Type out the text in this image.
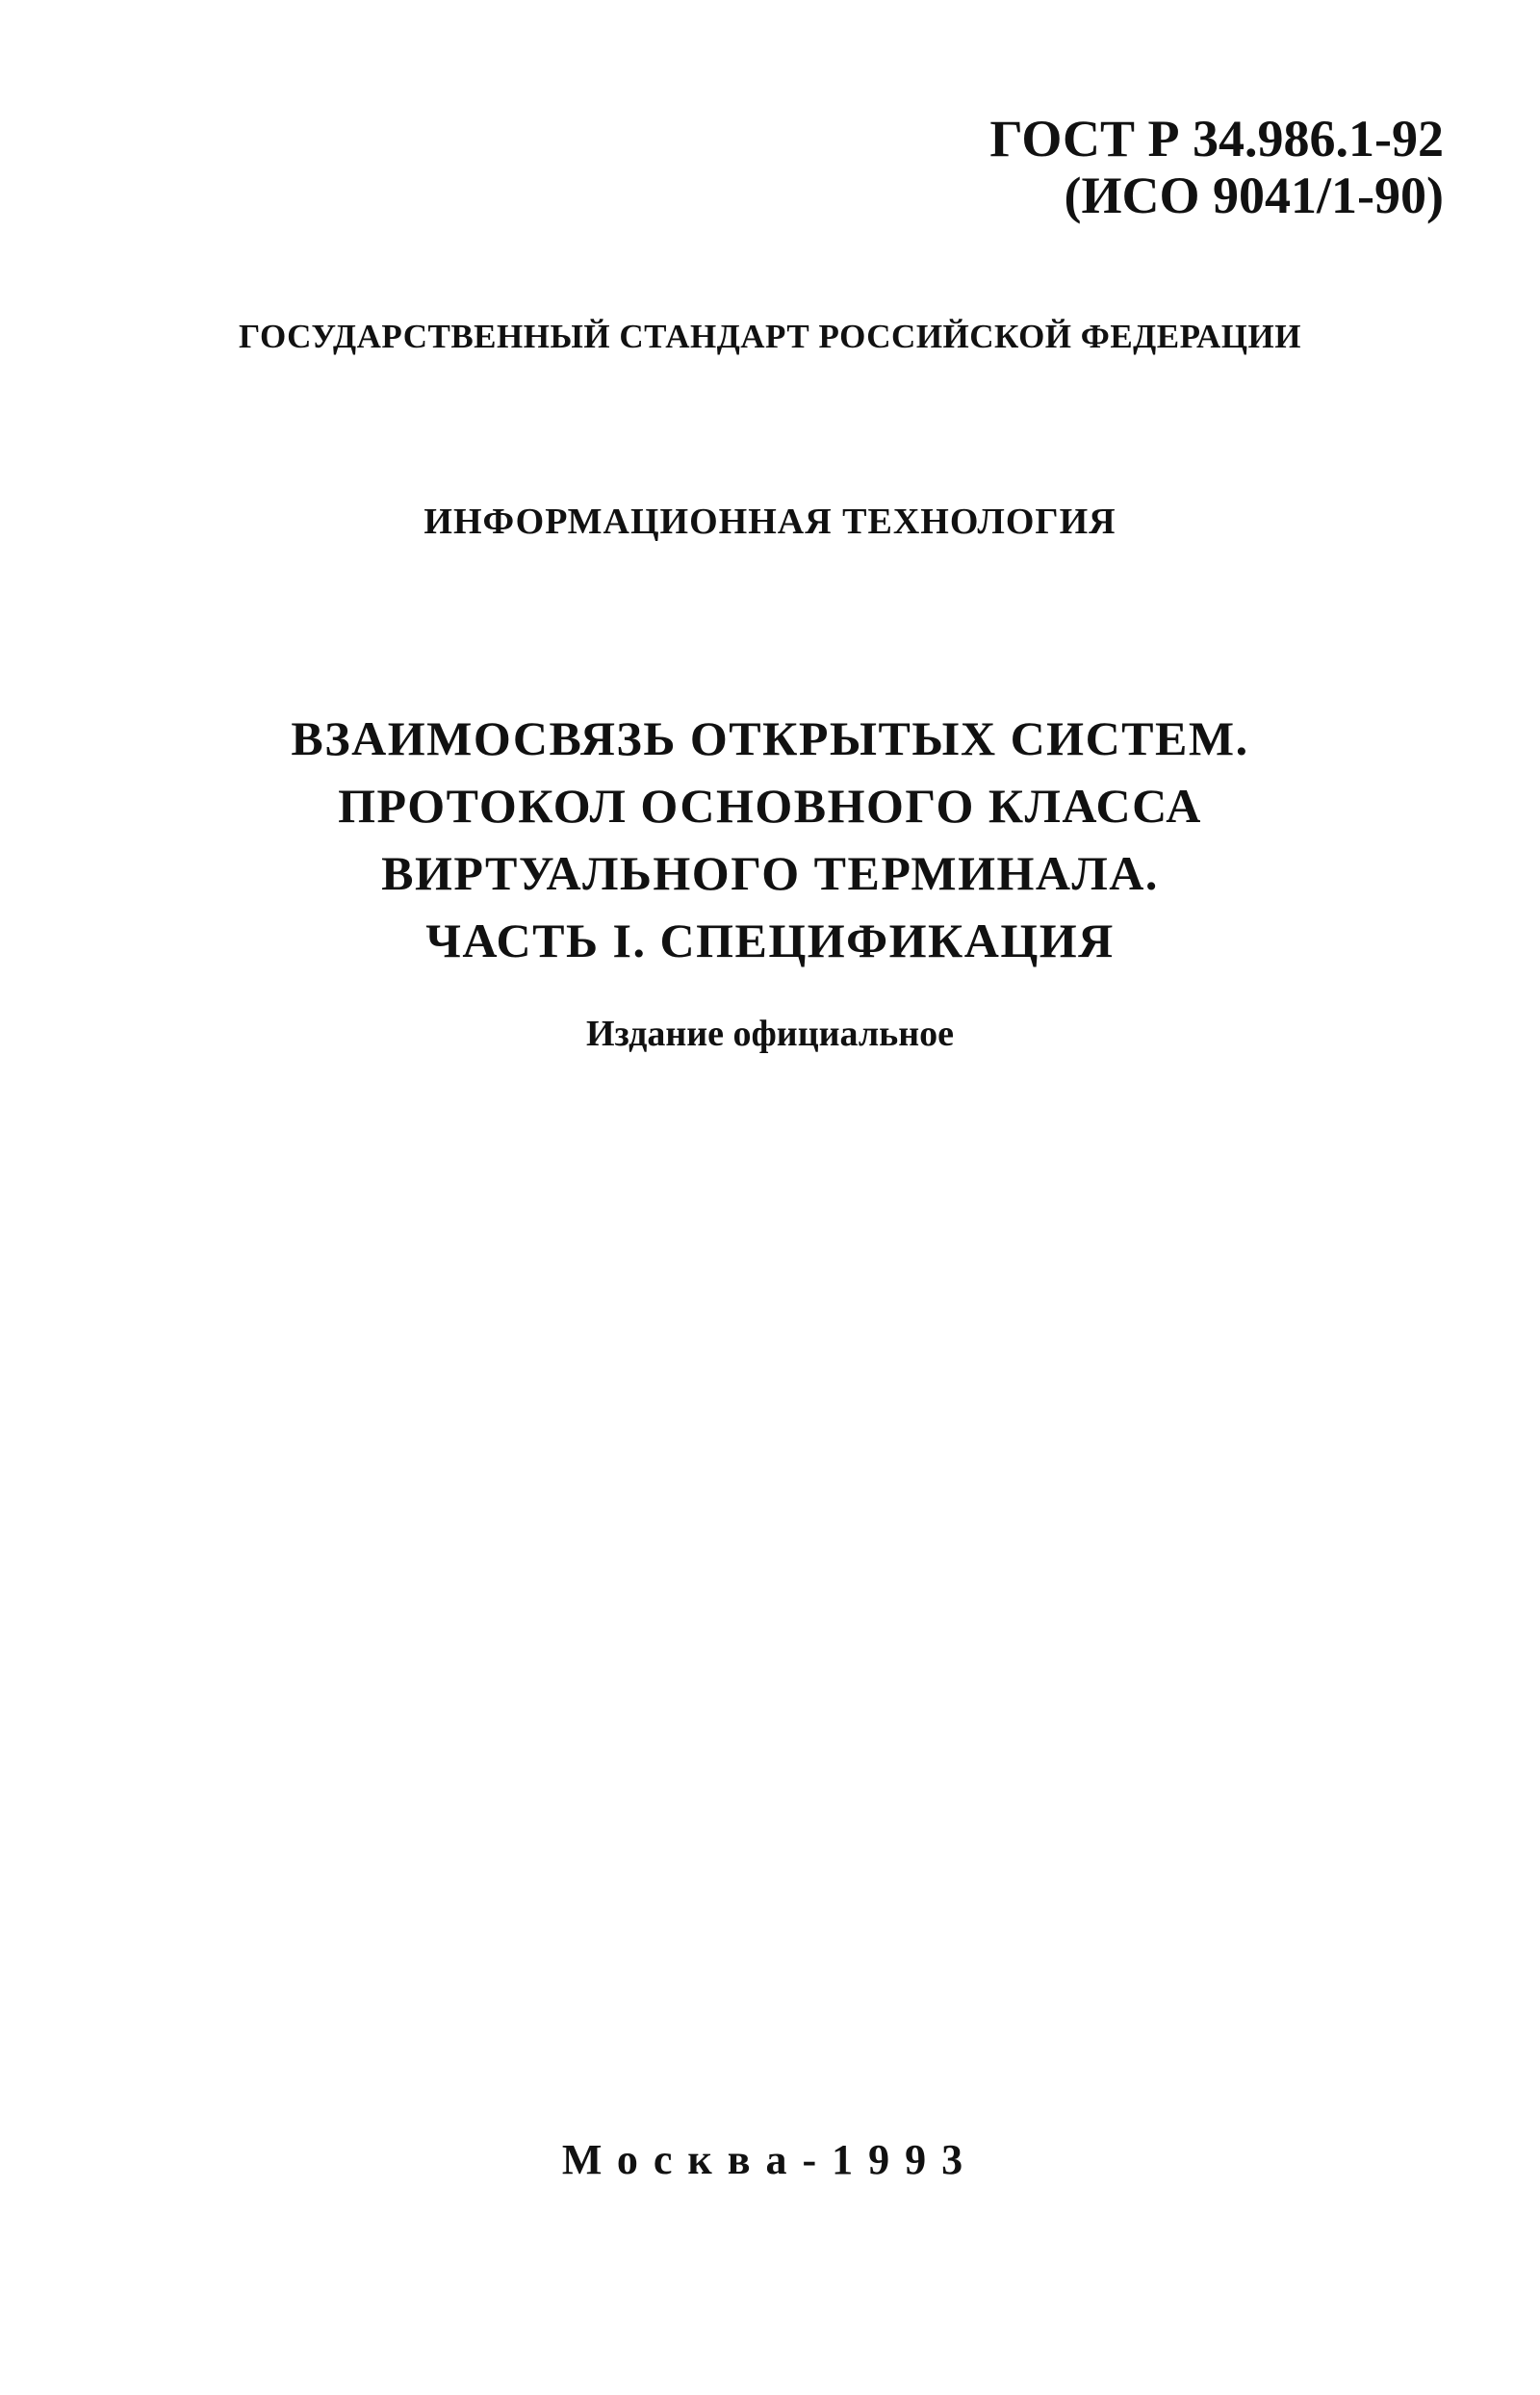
ГОСТ Р 34.986.1-92
(ИСО 9041/1-90)
ГОСУДАРСТВЕННЫЙ СТАНДАРТ РОССИЙСКОЙ ФЕДЕРАЦИИ
ИНФОРМАЦИОННАЯ ТЕХНОЛОГИЯ
ВЗАИМОСВЯЗЬ ОТКРЫТЫХ СИСТЕМ.
ПРОТОКОЛ ОСНОВНОГО КЛАССА
ВИРТУАЛЬНОГО ТЕРМИНАЛА.
ЧАСТЬ I. СПЕЦИФИКАЦИЯ
Издание официальное
Москва-1993
